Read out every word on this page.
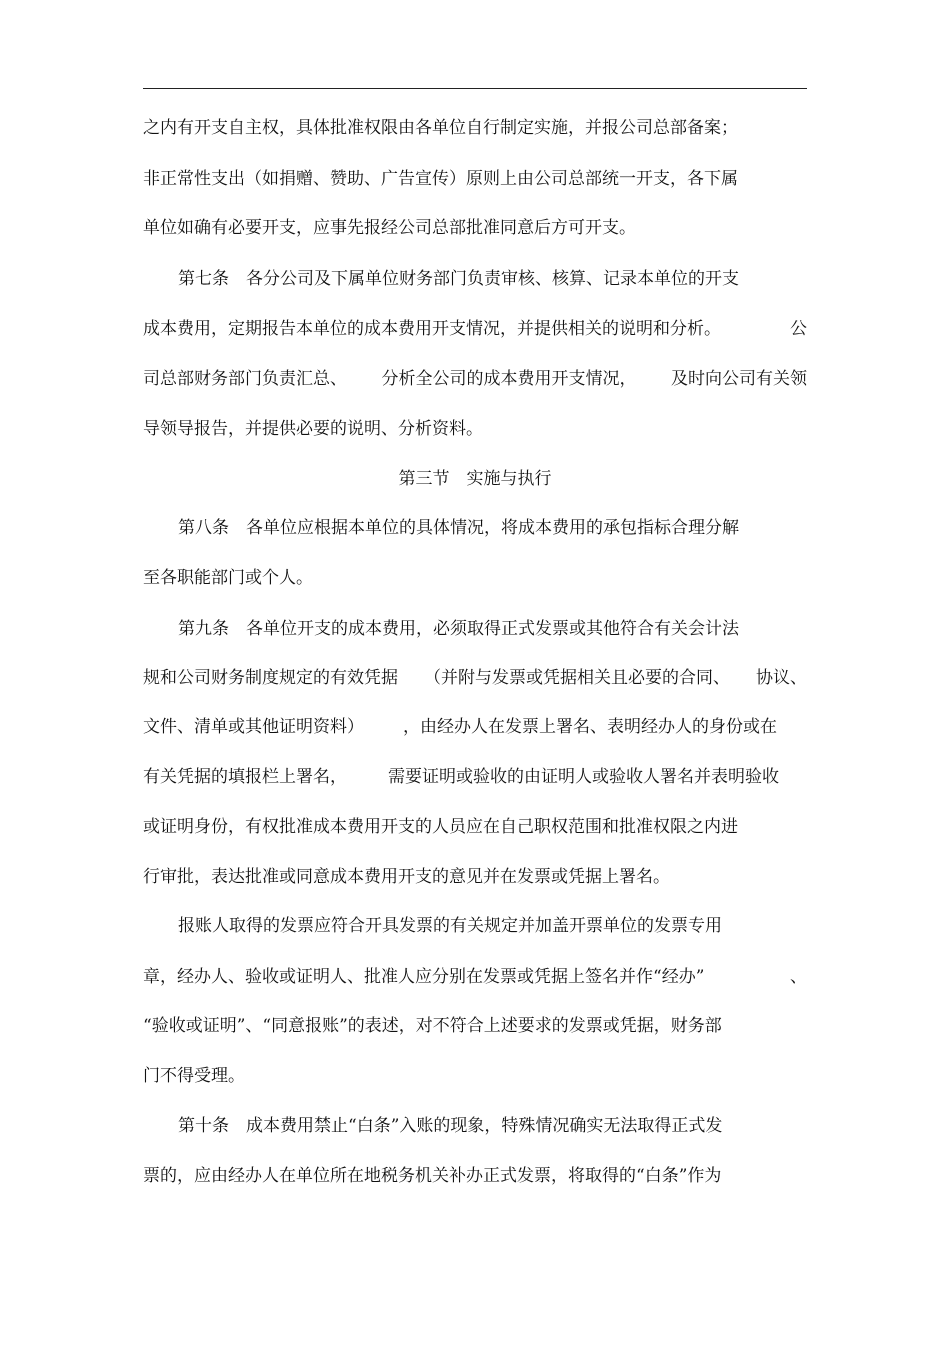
之内有开支自主权，具体批准权限由各单位自行制定实施，并报公司总部备案；
非正常性支出（如捐赠、赞助、广告宣传）原则上由公司总部统一开支，各下属
单位如确有必要开支，应事先报经公司总部批准同意后方可开支。
第七条　各分公司及下属单位财务部门负责审核、核算、记录本单位的开支
成本费用，定期报告本单位的成本费用开支情况，并提供相关的说明和分析。	公
司总部财务部门负责汇总、 分析全公司的成本费用开支情况， 及时向公司有关领
导领导报告，并提供必要的说明、分析资料。
第三节　实施与执行
第八条　各单位应根据本单位的具体情况，将成本费用的承包指标合理分解
至各职能部门或个人。
第九条　各单位开支的成本费用，必须取得正式发票或其他符合有关会计法
规和公司财务制度规定的有效凭据 （并附与发票或凭据相关且必要的合同、 协议、
文件、清单或其他证明资料） ，由经办人在发票上署名、表明经办人的身份或在
有关凭据的填报栏上署名， 需要证明或验收的由证明人或验收人署名并表明验收
或证明身份，有权批准成本费用开支的人员应在自己职权范围和批准权限之内进
行审批，表达批准或同意成本费用开支的意见并在发票或凭据上署名。
报账人取得的发票应符合开具发票的有关规定并加盖开票单位的发票专用
章，经办人、验收或证明人、批准人应分别在发票或凭据上签名并作“经办”	、
“验收或证明”、“同意报账”的表述，对不符合上述要求的发票或凭据，财务部
门不得受理。
第十条　成本费用禁止“白条”入账的现象，特殊情况确实无法取得正式发
票的，应由经办人在单位所在地税务机关补办正式发票，将取得的“白条”作为
